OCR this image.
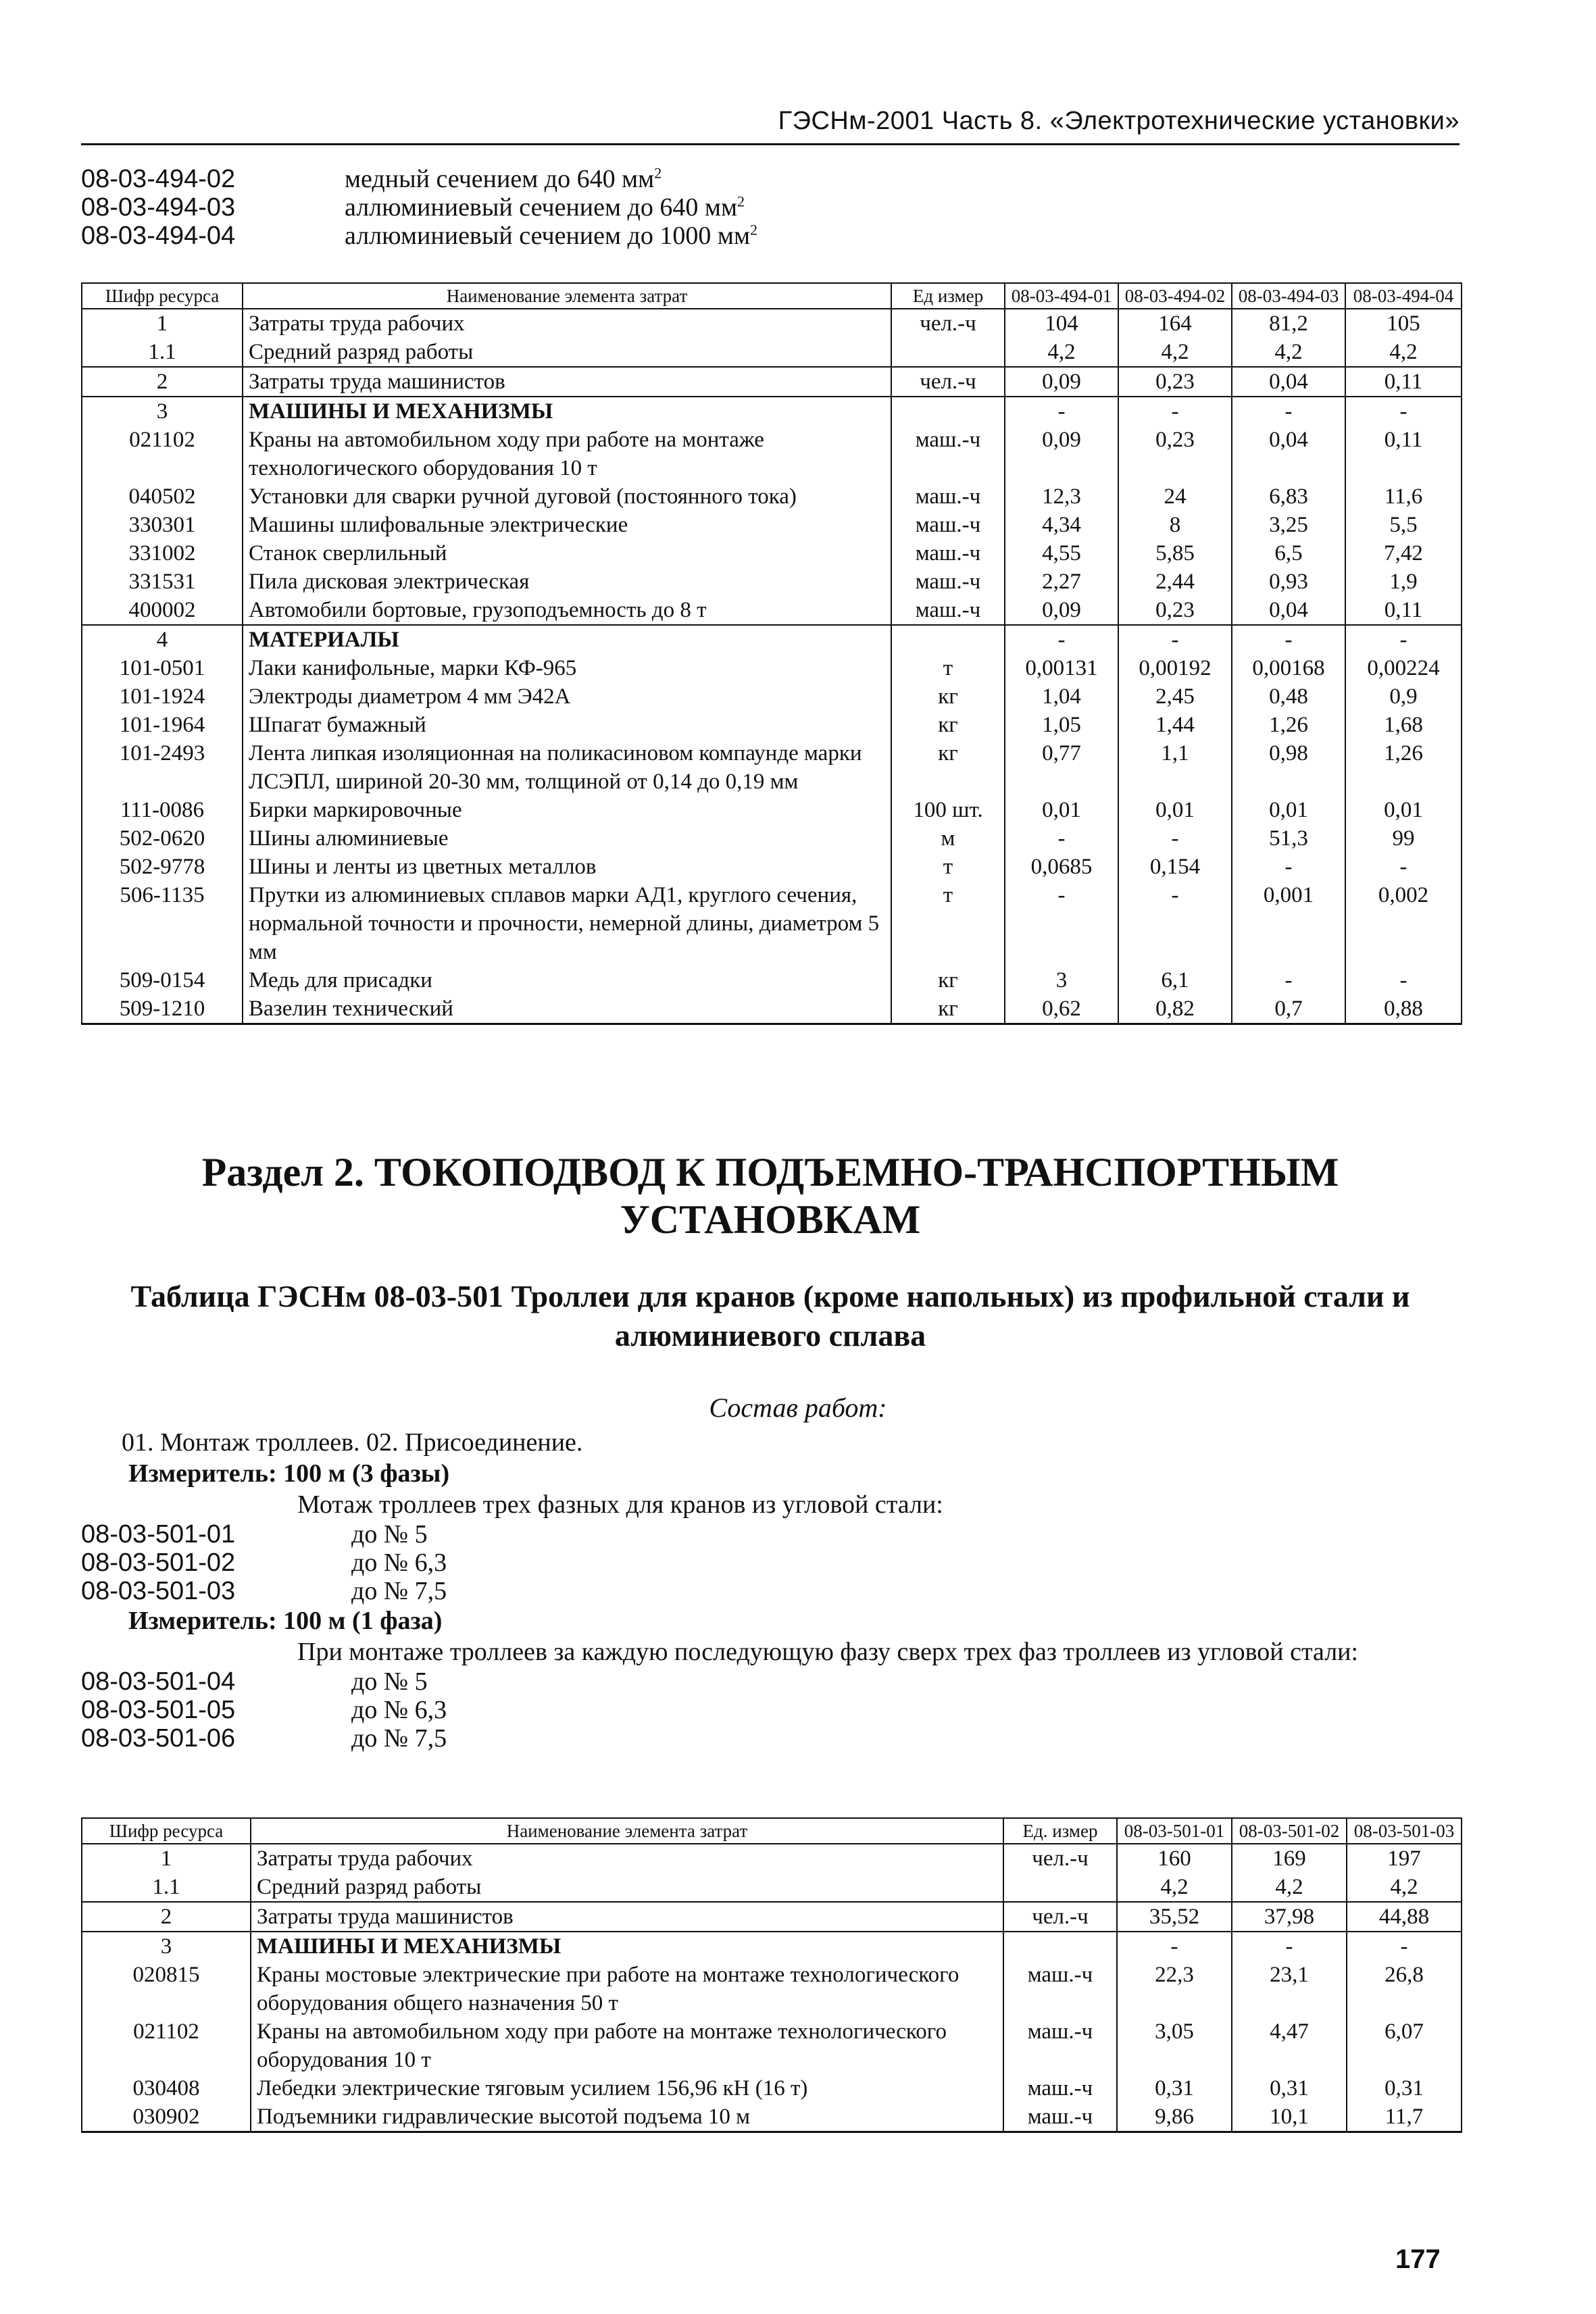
ГЭСНм-2001 Часть 8. «Электротехнические установки»
08-03-494-02	медный сечением до 640 $мм^2$
08-03-494-03	аллюминиевый сечением до 640 $мм^2$
08-03-494-04	аллюминиевый сечением до 1000 $мм^2$
Шифр ресурса	Наименование элемента затрат	Ед измер	08-03-494-01	08-03-494-02	08-03-494-03	08-03-494-04
1	Затраты труда рабочих	чел.-ч	104	164	81,2	105
1.1	Средний разряд работы		4,2	4,2	4,2	4,2
2	Затраты труда машинистов	чел.-ч	0,09	0,23	0,04	0,11
3	МАШИНЫ И МЕХАНИЗМЫ		-	-	-	-
021102	Краны на автомобильном ходу при работе на монтаже технологического оборудования 10 т	маш.-ч	0,09	0,23	0,04	0,11
040502	Установки для сварки ручной дуговой (постоянного тока)	маш.-ч	12,3	24	6,83	11,6
330301	Машины шлифовальные электрические	маш.-ч	4,34	8	3,25	5,5
331002	Станок сверлильный	маш.-ч	4,55	5,85	6,5	7,42
331531	Пила дисковая электрическая	маш.-ч	2,27	2,44	0,93	1,9
400002	Автомобили бортовые, грузоподъемность до 8 т	маш.-ч	0,09	0,23	0,04	0,11
4	МАТЕРИАЛЫ		-	-	-	-
101-0501	Лаки канифольные, марки КФ-965	т	0,00131	0,00192	0,00168	0,00224
101-1924	Электроды диаметром 4 мм Э42А	кг	1,04	2,45	0,48	0,9
101-1964	Шпагат бумажный	кг	1,05	1,44	1,26	1,68
101-2493	Лента липкая изоляционная на поликасиновом компаунде марки ЛСЭПЛ, шириной 20-30 мм, толщиной от 0,14 до 0,19 мм	кг	0,77	1,1	0,98	1,26
111-0086	Бирки маркировочные	100 шт.	0,01	0,01	0,01	0,01
502-0620	Шины алюминиевые	м	-	-	51,3	99
502-9778	Шины и ленты из цветных металлов	т	0,0685	0,154	-	-
506-1135	Прутки из алюминиевых сплавов марки АД1, круглого сечения, нормальной точности и прочности, немерной длины, диаметром 5 мм	т	-	-	0,001	0,002
509-0154	Медь для присадки	кг	3	6,1	-	-
509-1210	Вазелин технический	кг	0,62	0,82	0,7	0,88
Раздел 2. ТОКОПОДВОД К ПОДЪЕМНО-ТРАНСПОРТНЫМ УСТАНОВКАМ
Таблица ГЭСНм 08-03-501 Троллеи для кранов (кроме напольных) из профильной стали и алюминиевого сплава
Состав работ:
01. Монтаж троллеев. 02. Присоединение.
Измеритель: 100 м (3 фазы)
Мотаж троллеев трех фазных для кранов из угловой стали:
08-03-501-01	до № 5
08-03-501-02	до № 6,3
08-03-501-03	до № 7,5
Измеритель: 100 м (1 фаза)
При монтаже троллеев за каждую последующую фазу сверх трех фаз троллеев из угловой стали:
08-03-501-04	до № 5
08-03-501-05	до № 6,3
08-03-501-06	до № 7,5
Шифр ресурса	Наименование элемента затрат	Ед. измер	08-03-501-01	08-03-501-02	08-03-501-03
1	Затраты труда рабочих	чел.-ч	160	169	197
1.1	Средний разряд работы		4,2	4,2	4,2
2	Затраты труда машинистов	чел.-ч	35,52	37,98	44,88
3	МАШИНЫ И МЕХАНИЗМЫ		-	-	-
020815	Краны мостовые электрические при работе на монтаже технологического оборудования общего назначения 50 т	маш.-ч	22,3	23,1	26,8
021102	Краны на автомобильном ходу при работе на монтаже технологического оборудования 10 т	маш.-ч	3,05	4,47	6,07
030408	Лебедки электрические тяговым усилием 156,96 кН (16 т)	маш.-ч	0,31	0,31	0,31
030902	Подъемники гидравлические высотой подъема 10 м	маш.-ч	9,86	10,1	11,7
177
